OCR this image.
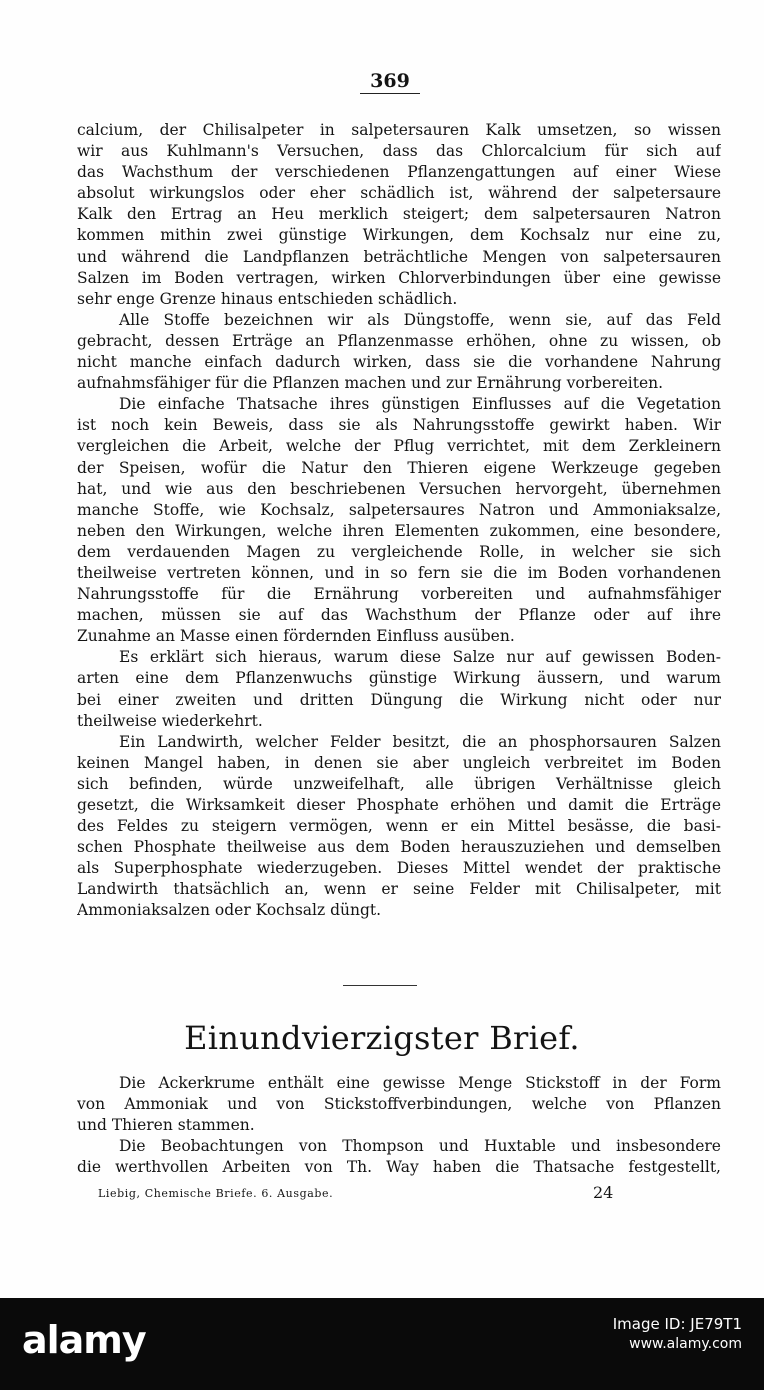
369
calcium, der Chilisalpeter in salpetersauren Kalk umsetzen, so wissen
wir aus Kuhlmann's Versuchen, dass das Chlorcalcium für sich auf
das Wachsthum der verschiedenen Pflanzengattungen auf einer Wiese
absolut wirkungslos oder eher schädlich ist, während der salpetersaure
Kalk den Ertrag an Heu merklich steigert; dem salpetersauren Natron
kommen mithin zwei günstige Wirkungen, dem Kochsalz nur eine zu,
und während die Landpflanzen beträchtliche Mengen von salpetersauren
Salzen im Boden vertragen, wirken Chlorverbindungen über eine gewisse
sehr enge Grenze hinaus entschieden schädlich.
Alle Stoffe bezeichnen wir als Düngstoffe, wenn sie, auf das Feld
gebracht, dessen Erträge an Pflanzenmasse erhöhen, ohne zu wissen, ob
nicht manche einfach dadurch wirken, dass sie die vorhandene Nahrung
aufnahmsfähiger für die Pflanzen machen und zur Ernährung vorbereiten.
Die einfache Thatsache ihres günstigen Einflusses auf die Vegetation
ist noch kein Beweis, dass sie als Nahrungsstoffe gewirkt haben. Wir
vergleichen die Arbeit, welche der Pflug verrichtet, mit dem Zerkleinern
der Speisen, wofür die Natur den Thieren eigene Werkzeuge gegeben
hat, und wie aus den beschriebenen Versuchen hervorgeht, übernehmen
manche Stoffe, wie Kochsalz, salpetersaures Natron und Ammoniaksalze,
neben den Wirkungen, welche ihren Elementen zukommen, eine besondere,
dem verdauenden Magen zu vergleichende Rolle, in welcher sie sich
theilweise vertreten können, und in so fern sie die im Boden vorhandenen
Nahrungsstoffe für die Ernährung vorbereiten und aufnahmsfähiger
machen, müssen sie auf das Wachsthum der Pflanze oder auf ihre
Zunahme an Masse einen fördernden Einfluss ausüben.
Es erklärt sich hieraus, warum diese Salze nur auf gewissen Boden-
arten eine dem Pflanzenwuchs günstige Wirkung äussern, und warum
bei einer zweiten und dritten Düngung die Wirkung nicht oder nur
theilweise wiederkehrt.
Ein Landwirth, welcher Felder besitzt, die an phosphorsauren Salzen
keinen Mangel haben, in denen sie aber ungleich verbreitet im Boden
sich befinden, würde unzweifelhaft, alle übrigen Verhältnisse gleich
gesetzt, die Wirksamkeit dieser Phosphate erhöhen und damit die Erträge
des Feldes zu steigern vermögen, wenn er ein Mittel besässe, die basi-
schen Phosphate theilweise aus dem Boden herauszuziehen und demselben
als Superphosphate wiederzugeben. Dieses Mittel wendet der praktische
Landwirth thatsächlich an, wenn er seine Felder mit Chilisalpeter, mit
Ammoniaksalzen oder Kochsalz düngt.
Einundvierzigster Brief.
Die Ackerkrume enthält eine gewisse Menge Stickstoff in der Form
von Ammoniak und von Stickstoffverbindungen, welche von Pflanzen
und Thieren stammen.
Die Beobachtungen von Thompson und Huxtable und insbesondere
die werthvollen Arbeiten von Th. Way haben die Thatsache festgestellt,
Liebig, Chemische Briefe. 6. Ausgabe.	24
alamy	Image ID: JE79T1
www.alamy.com
